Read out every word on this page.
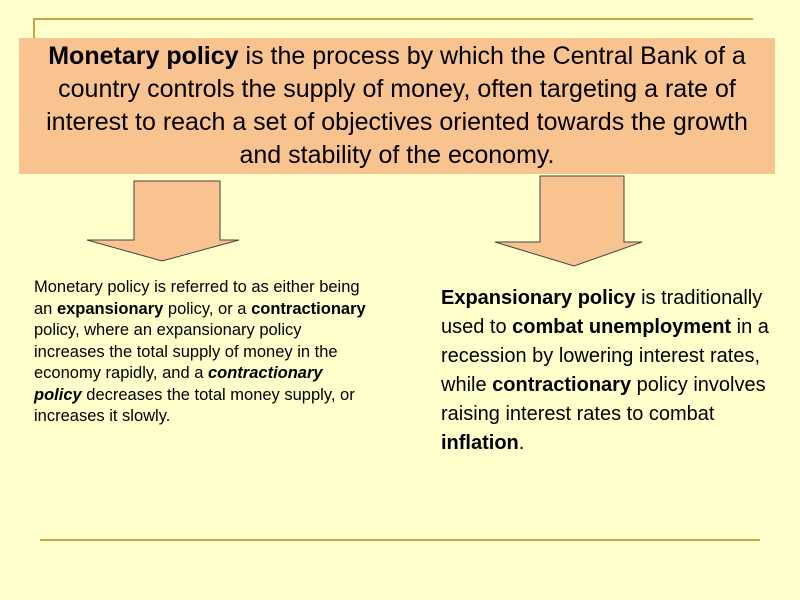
Monetary policy is the process by which the Central Bank of a country controls the supply of money, often targeting a rate of interest to reach a set of objectives oriented towards the growth and stability of the economy.
Monetary policy is referred to as either being an expansionary policy, or a contractionary policy, where an expansionary policy increases the total supply of money in the economy rapidly, and a contractionary policy decreases the total money supply, or increases it slowly.
Expansionary policy is traditionally used to combat unemployment in a recession by lowering interest rates, while contractionary policy involves raising interest rates to combat inflation.
